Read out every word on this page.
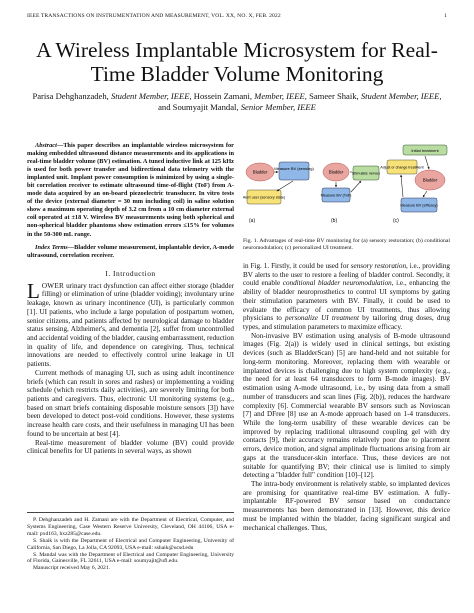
IEEE TRANSACTIONS ON INSTRUMENTATION AND MEASUREMENT, VOL. XX, NO. X, FEB. 2022	1
A Wireless Implantable Microsystem for Real-Time Bladder Volume Monitoring
Parisa Dehghanzadeh, Student Member, IEEE, Hossein Zamani, Member, IEEE, Sameer Shaik, Student Member, IEEE, and Soumyajit Mandal, Senior Member, IEEE

Abstract—This paper describes an implantable wireless microsystem for making embedded ultrasound distance measurements and its applications in real-time bladder volume (BV) estimation. A tuned inductive link at 125 kHz is used for both power transfer and bidirectional data telemetry with the implanted unit. Implant power consumption is minimized by using a single-bit correlation receiver to estimate ultrasound time-of-flight (ToF) from A-mode data acquired by an on-board piezoelectric transducer. In vitro tests of the device (external diameter = 30 mm including coil) in saline solution show a maximum operating depth of 3.2 cm from a 10 cm diameter external coil operated at ±18 V. Wireless BV measurements using both spherical and non-spherical bladder phantoms show estimation errors ≤15% for volumes in the 50-300 mL range.

Index Terms—Bladder volume measurement, implantable device, A-mode ultrasound, correlation receiver.

I. Introduction

LOWER urinary tract dysfunction can affect either storage (bladder filling) or elimination of urine (bladder voiding); involuntary urine leakage, known as urinary incontinence (UI), is particularly common [1]. UI patients, who include a large population of postpartum women, senior citizens, and patients affected by neurological damage to bladder status sensing, Alzheimer's, and dementia [2], suffer from uncontrolled and accidental voiding of the bladder, causing embarrassment, reduction in quality of life, and dependence on caregiving. Thus, technical innovations are needed to effectively control urine leakage in UI patients.

Current methods of managing UI, such as using adult incontinence briefs (which can result in sores and rashes) or implementing a voiding schedule (which restricts daily activities), are severely limiting for both patients and caregivers. Thus, electronic UI monitoring systems (e.g., based on smart briefs containing disposable moisture sensors [3]) have been developed to detect post-void conditions. However, these systems increase health care costs, and their usefulness in managing UI has been found to be uncertain at best [4].

Real-time measurement of bladder volume (BV) could provide clinical benefits for UI patients in several ways, as shown

P. Dehghanzadeh and H. Zamani are with the Department of Electrical, Computer, and Systems Engineering, Case Western Reserve University, Cleveland, OH 44106, USA e-mail: pxd163, hxz285@case.edu.

S. Shaik is with the Department of Electrical and Computer Engineering, University of California, San Diego, La Jolla, CA 92093, USA e-mail: sshaik@ucsd.edu

S. Mandal was with the Department of Electrical and Computer Engineering, University of Florida, Gainesville, FL 32611, USA e-mail: soumyajit@ufl.edu.

Manuscript received May 6, 2021.

Bladder
Measure BV (sensing)
Alert user (sensory state)
(a)
Bladder
Measure BV (ToF)
Stimulate nerves
(b)
Initial treatment
Adjust or change treatment
Bladder
Measure BV (efficacy)
(c)

Fig. 1. Advantages of real-time BV monitoring for (a) sensory restoration; (b) conditional neuromodulation; (c) personalized UI treatment.

in Fig. 1. Firstly, it could be used for sensory restoration, i.e., providing BV alerts to the user to restore a feeling of bladder control. Secondly, it could enable conditional bladder neuromodulation, i.e., enhancing the ability of bladder neuroprosthetics to control UI symptoms by gating their stimulation parameters with BV. Finally, it could be used to evaluate the efficacy of common UI treatments, thus allowing physicians to personalize UI treatment by tailoring drug doses, drug types, and stimulation parameters to maximize efficacy.

Non-invasive BV estimation using analysis of B-mode ultrasound images (Fig. 2(a)) is widely used in clinical settings, but existing devices (such as BladderScan) [5] are hand-held and not suitable for long-term monitoring. Moreover, replacing them with wearable or implanted devices is challenging due to high system complexity (e.g., the need for at least 64 transducers to form B-mode images). BV estimation using A-mode ultrasound, i.e., by using data from a small number of transducers and scan lines (Fig. 2(b)), reduces the hardware complexity [6]. Commercial wearable BV sensors such as Novioscan [7] and DFree [8] use an A-mode approach based on 1-4 transducers. While the long-term usability of these wearable devices can be improved by replacing traditional ultrasound coupling gel with dry contacts [9], their accuracy remains relatively poor due to placement errors, device motion, and signal amplitude fluctuations arising from air gaps at the transducer-skin interface. Thus, these devices are not suitable for quantifying BV; their clinical use is limited to simply detecting a "bladder full" condition [10]–[12].

The intra-body environment is relatively stable, so implanted devices are promising for quantitative real-time BV estimation. A fully-implantable RF-powered BV sensor based on conductance measurements has been demonstrated in [13]. However, this device must be implanted within the bladder, facing significant surgical and mechanical challenges. Thus,
